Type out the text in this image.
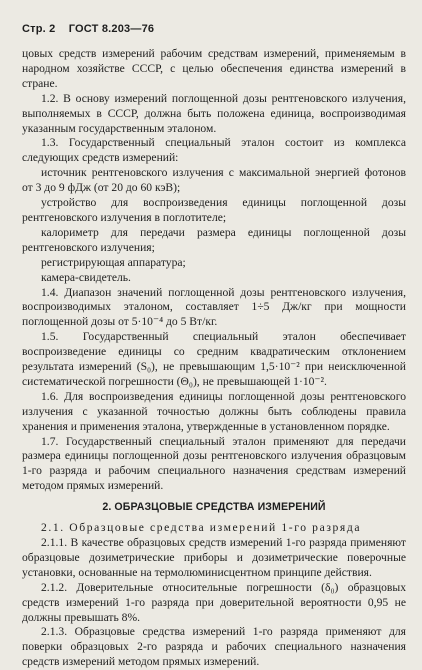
Стр. 2 ГОСТ 8.203—76
цовых средств измерений рабочим средствам измерений, применяемым в народном хозяйстве СССР, с целью обеспечения единства измерений в стране.
1.2. В основу измерений поглощенной дозы рентгеновского излучения, выполняемых в СССР, должна быть положена единица, воспроизводимая указанным государственным эталоном.
1.3. Государственный специальный эталон состоит из комплекса следующих средств измерений:
источник рентгеновского излучения с максимальной энергией фотонов от 3 до 9 фДж (от 20 до 60 кэВ);
устройство для воспроизведения единицы поглощенной дозы рентгеновского излучения в поглотителе;
калориметр для передачи размера единицы поглощенной дозы рентгеновского излучения;
регистрирующая аппаратура;
камера-свидетель.
1.4. Диапазон значений поглощенной дозы рентгеновского излучения, воспроизводимых эталоном, составляет 1÷5 Дж/кг при мощности поглощенной дозы от 5·10⁻⁴ до 5 Вт/кг.
1.5. Государственный специальный эталон обеспечивает воспроизведение единицы со средним квадратическим отклонением результата измерений (S₀), не превышающим 1,5·10⁻² при неисключенной систематической погрешности (Θ₀), не превышающей 1·10⁻².
1.6. Для воспроизведения единицы поглощенной дозы рентгеновского излучения с указанной точностью должны быть соблюдены правила хранения и применения эталона, утвержденные в установленном порядке.
1.7. Государственный специальный эталон применяют для передачи размера единицы поглощенной дозы рентгеновского излучения образцовым 1-го разряда и рабочим специального назначения средствам измерений методом прямых измерений.
2. ОБРАЗЦОВЫЕ СРЕДСТВА ИЗМЕРЕНИЙ
2.1. Образцовые средства измерений 1-го разряда
2.1.1. В качестве образцовых средств измерений 1-го разряда применяют образцовые дозиметрические приборы и дозиметрические поверочные установки, основанные на термолюминисцентном принципе действия.
2.1.2. Доверительные относительные погрешности (δ₀) образцовых средств измерений 1-го разряда при доверительной вероятности 0,95 не должны превышать 8%.
2.1.3. Образцовые средства измерений 1-го разряда применяют для поверки образцовых 2-го разряда и рабочих специального назначения средств измерений методом прямых измерений.
